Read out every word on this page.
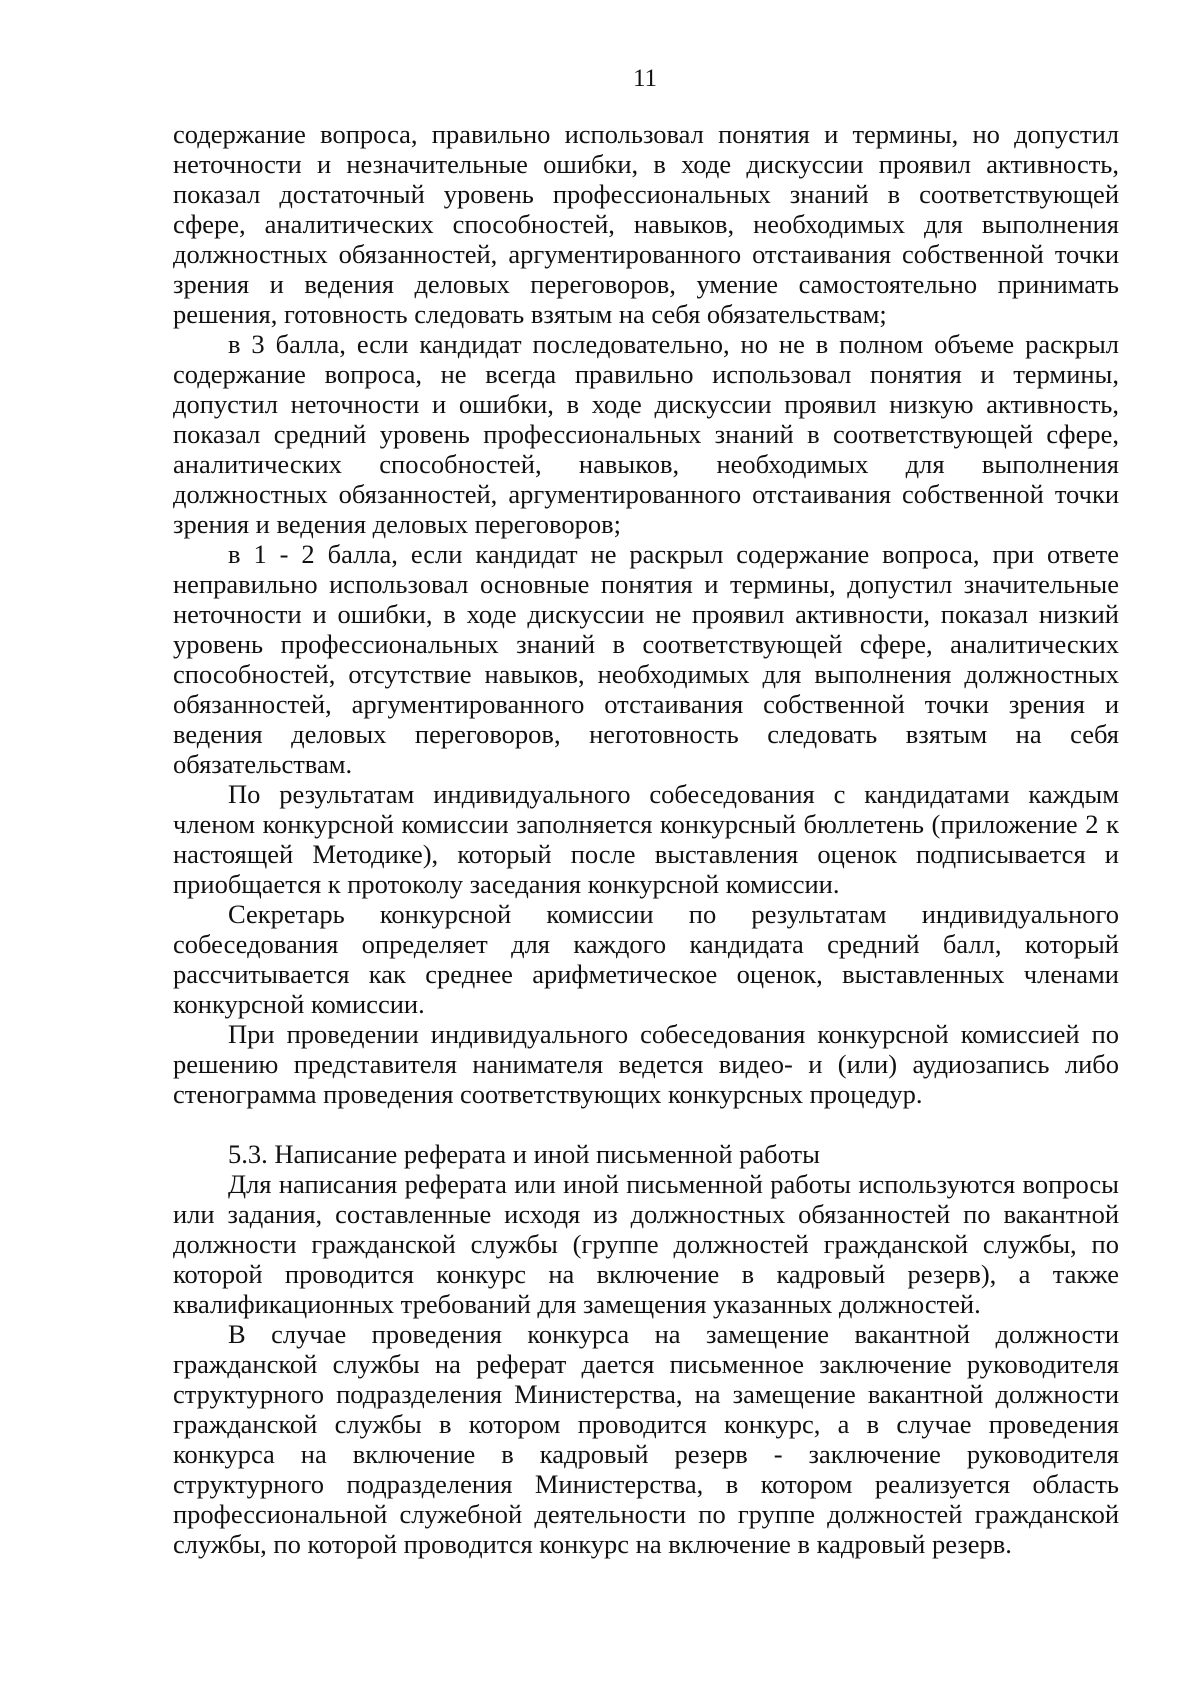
11

содержание вопроса, правильно использовал понятия и термины, но допустил неточности и незначительные ошибки, в ходе дискуссии проявил активность, показал достаточный уровень профессиональных знаний в соответствующей сфере, аналитических способностей, навыков, необходимых для выполнения должностных обязанностей, аргументированного отстаивания собственной точки зрения и ведения деловых переговоров, умение самостоятельно принимать решения, готовность следовать взятым на себя обязательствам;

в 3 балла, если кандидат последовательно, но не в полном объеме раскрыл содержание вопроса, не всегда правильно использовал понятия и термины, допустил неточности и ошибки, в ходе дискуссии проявил низкую активность, показал средний уровень профессиональных знаний в соответствующей сфере, аналитических способностей, навыков, необходимых для выполнения должностных обязанностей, аргументированного отстаивания собственной точки зрения и ведения деловых переговоров;

в 1 - 2 балла, если кандидат не раскрыл содержание вопроса, при ответе неправильно использовал основные понятия и термины, допустил значительные неточности и ошибки, в ходе дискуссии не проявил активности, показал низкий уровень профессиональных знаний в соответствующей сфере, аналитических способностей, отсутствие навыков, необходимых для выполнения должностных обязанностей, аргументированного отстаивания собственной точки зрения и ведения деловых переговоров, неготовность следовать взятым на себя обязательствам.

По результатам индивидуального собеседования с кандидатами каждым членом конкурсной комиссии заполняется конкурсный бюллетень (приложение 2 к настоящей Методике), который после выставления оценок подписывается и приобщается к протоколу заседания конкурсной комиссии.

Секретарь конкурсной комиссии по результатам индивидуального собеседования определяет для каждого кандидата средний балл, который рассчитывается как среднее арифметическое оценок, выставленных членами конкурсной комиссии.

При проведении индивидуального собеседования конкурсной комиссией по решению представителя нанимателя ведется видео- и (или) аудиозапись либо стенограмма проведения соответствующих конкурсных процедур.

5.3. Написание реферата и иной письменной работы

Для написания реферата или иной письменной работы используются вопросы или задания, составленные исходя из должностных обязанностей по вакантной должности гражданской службы (группе должностей гражданской службы, по которой проводится конкурс на включение в кадровый резерв), а также квалификационных требований для замещения указанных должностей.

В случае проведения конкурса на замещение вакантной должности гражданской службы на реферат дается письменное заключение руководителя структурного подразделения Министерства, на замещение вакантной должности гражданской службы в котором проводится конкурс, а в случае проведения конкурса на включение в кадровый резерв - заключение руководителя структурного подразделения Министерства, в котором реализуется область профессиональной служебной деятельности по группе должностей гражданской службы, по которой проводится конкурс на включение в кадровый резерв.
